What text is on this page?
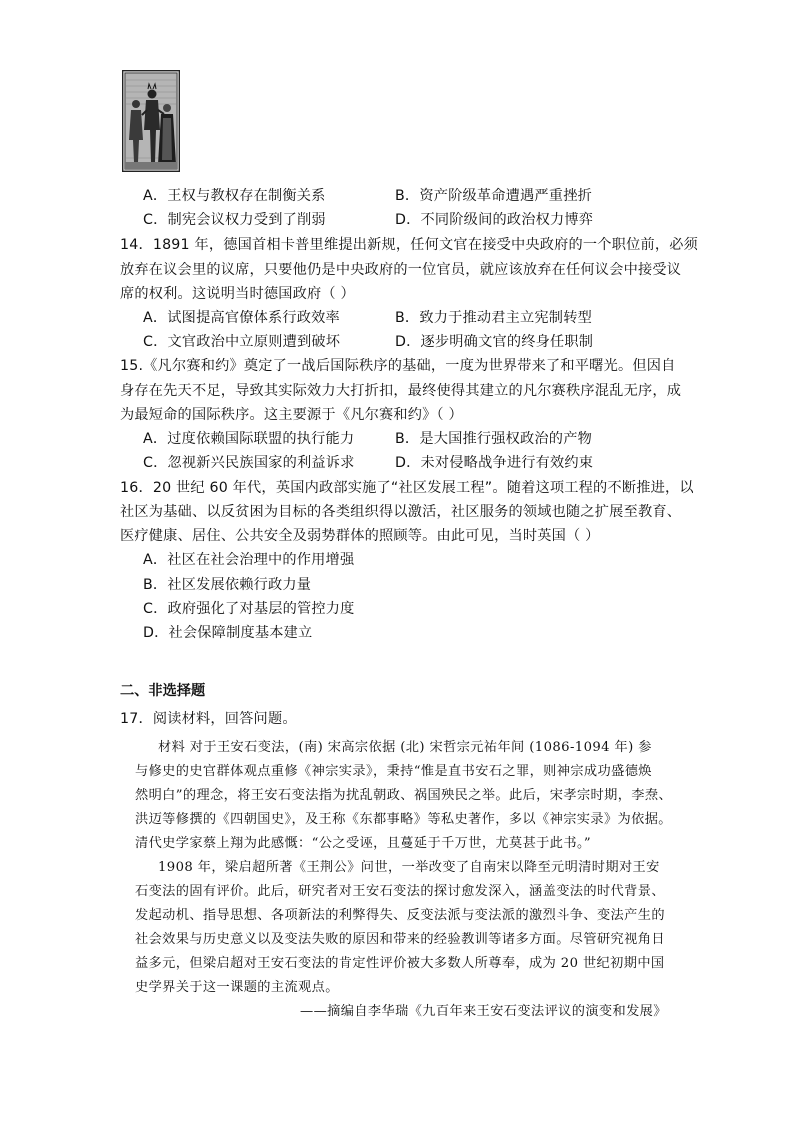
A．王权与教权存在制衡关系	B．资产阶级革命遭遇严重挫折
C．制宪会议权力受到了削弱	D．不同阶级间的政治权力博弈
14．1891 年，德国首相卡普里维提出新规，任何文官在接受中央政府的一个职位前，必须
放弃在议会里的议席，只要他仍是中央政府的一位官员，就应该放弃在任何议会中接受议
席的权利。这说明当时德国政府（ ）
A．试图提高官僚体系行政效率	B．致力于推动君主立宪制转型
C．文官政治中立原则遭到破坏	D．逐步明确文官的终身任职制
15.《凡尔赛和约》奠定了一战后国际秩序的基础，一度为世界带来了和平曙光。但因自
身存在先天不足，导致其实际效力大打折扣，最终使得其建立的凡尔赛秩序混乱无序，成
为最短命的国际秩序。这主要源于《凡尔赛和约》（ ）
A．过度依赖国际联盟的执行能力	B．是大国推行强权政治的产物
C．忽视新兴民族国家的利益诉求	D．未对侵略战争进行有效约束
16．20 世纪 60 年代，英国内政部实施了“社区发展工程”。随着这项工程的不断推进，以
社区为基础、以反贫困为目标的各类组织得以激活，社区服务的领域也随之扩展至教育、
医疗健康、居住、公共安全及弱势群体的照顾等。由此可见，当时英国（ ）
A．社区在社会治理中的作用增强
B．社区发展依赖行政力量
C．政府强化了对基层的管控力度
D．社会保障制度基本建立
二、非选择题
17．阅读材料，回答问题。
材料 对于王安石变法，(南) 宋高宗依据 (北) 宋哲宗元祐年间 (1086-1094 年) 参
与修史的史官群体观点重修《神宗实录》，秉持“惟是直书安石之罪，则神宗成功盛德焕
然明白”的理念，将王安石变法指为扰乱朝政、祸国殃民之举。此后，宋孝宗时期，李焘、
洪迈等修撰的《四朝国史》，及王称《东都事略》等私史著作，多以《神宗实录》为依据。
清代史学家蔡上翔为此感慨：“公之受诬，且蔓延于千万世，尤莫甚于此书。”
1908 年，梁启超所著《王荆公》问世，一举改变了自南宋以降至元明清时期对王安
石变法的固有评价。此后，研究者对王安石变法的探讨愈发深入，涵盖变法的时代背景、
发起动机、指导思想、各项新法的利弊得失、反变法派与变法派的激烈斗争、变法产生的
社会效果与历史意义以及变法失败的原因和带来的经验教训等诸多方面。尽管研究视角日
益多元，但梁启超对王安石变法的肯定性评价被大多数人所尊奉，成为 20 世纪初期中国
史学界关于这一课题的主流观点。
——摘编自李华瑞《九百年来王安石变法评议的演变和发展》
